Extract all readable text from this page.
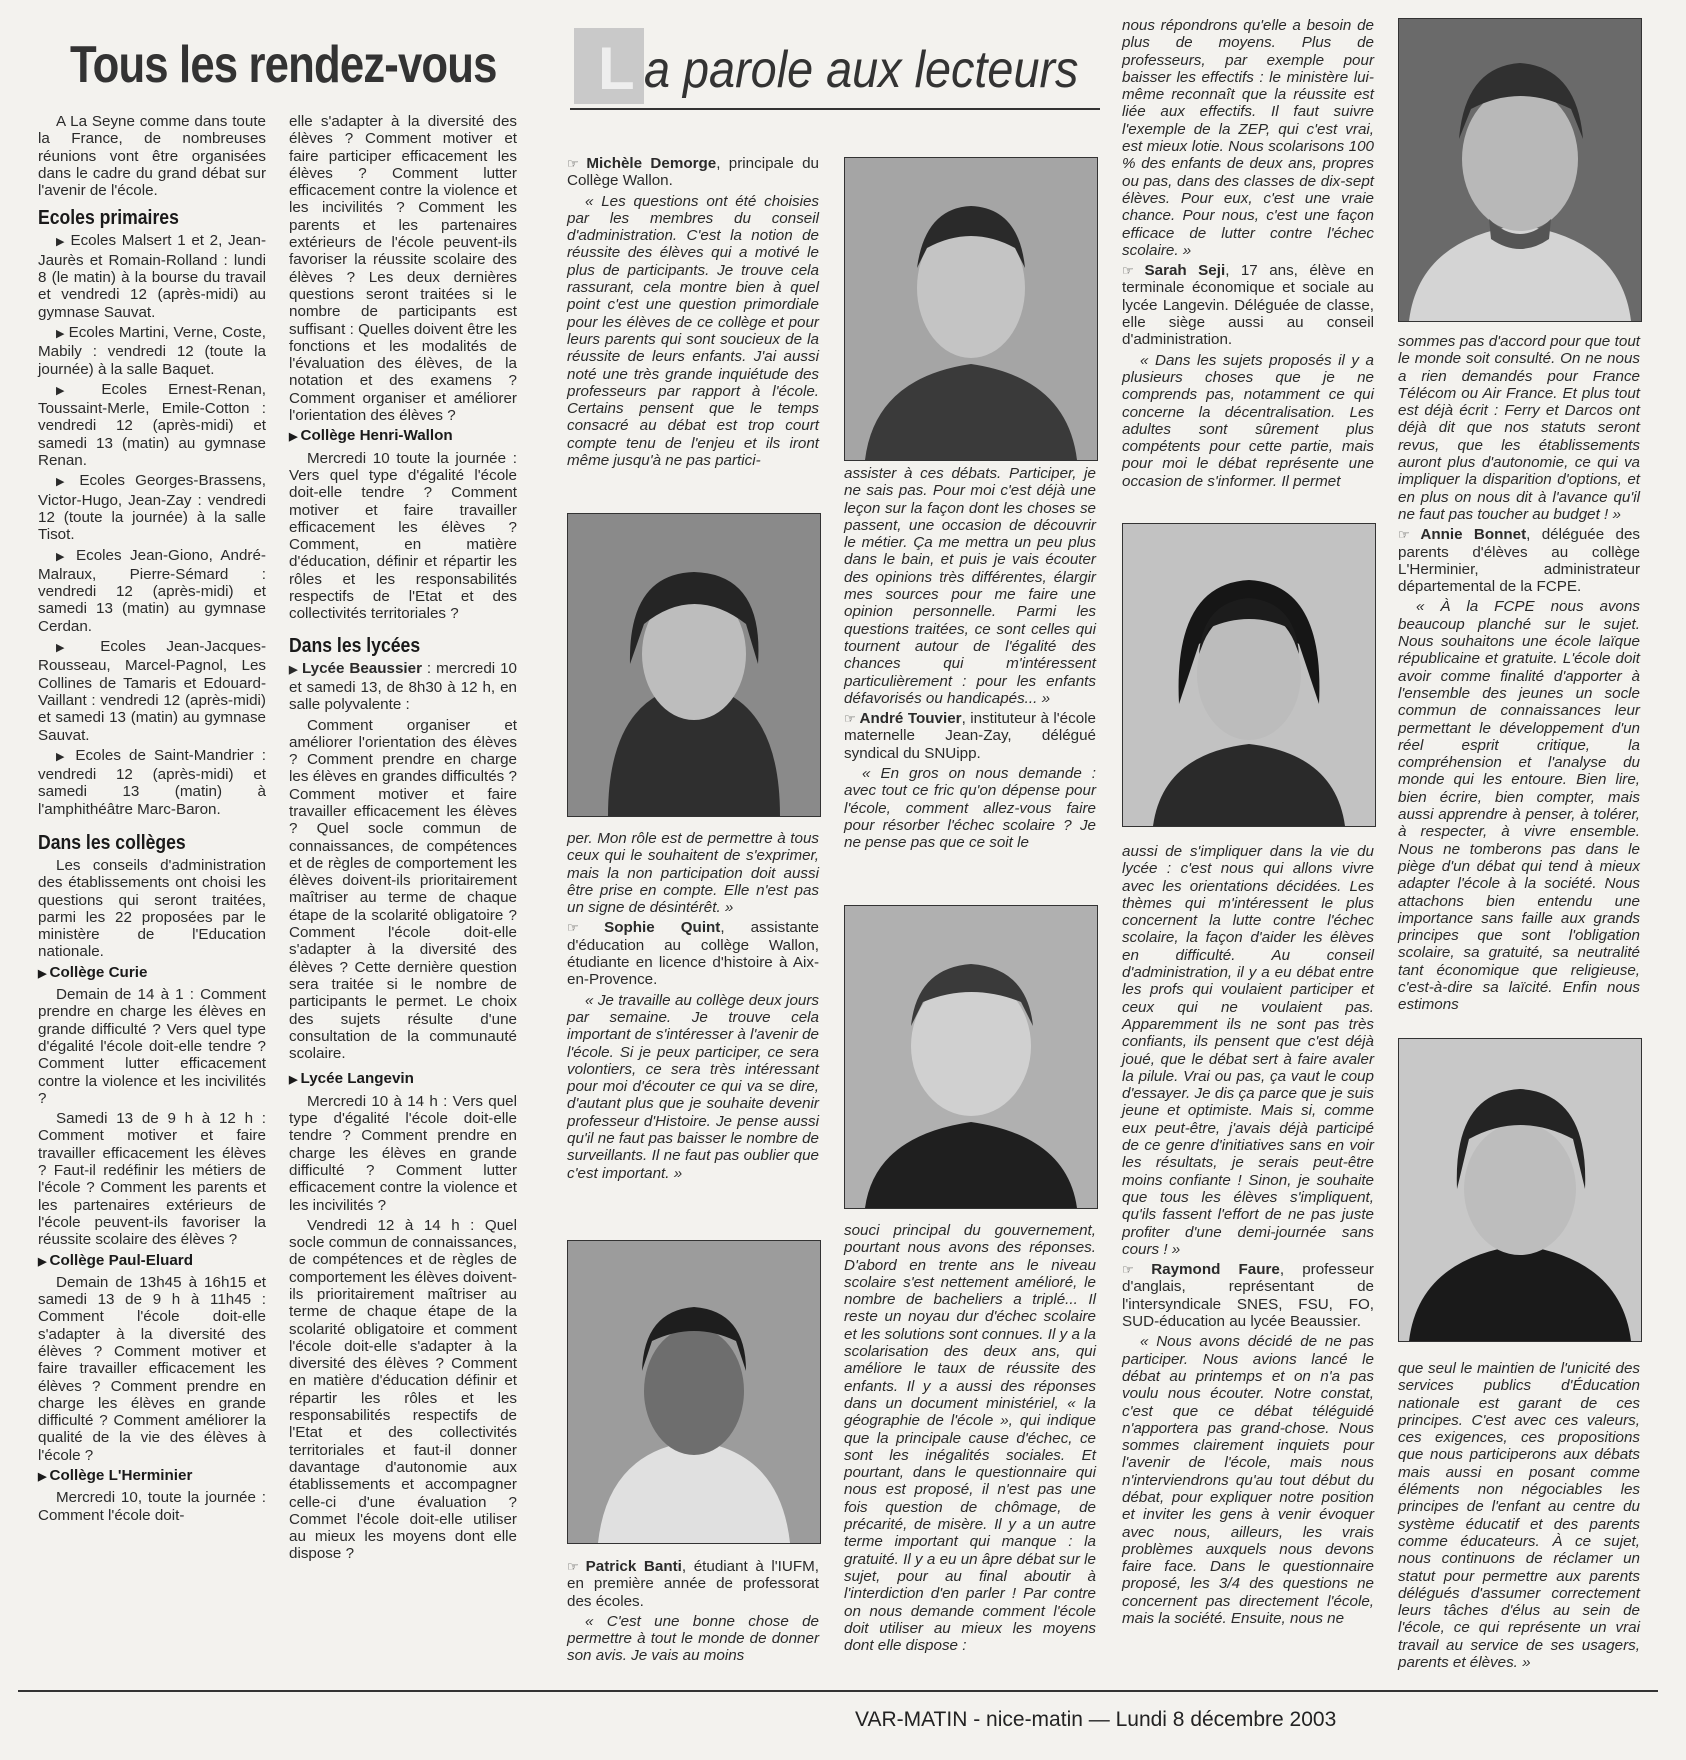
Tous les rendez-vous L a parole aux lecteurs

A La Seyne comme dans toute la France, de nombreuses réunions vont être organisées dans le cadre du grand débat sur l'avenir de l'école.

Ecoles primaires

▶ Ecoles Malsert 1 et 2, Jean-Jaurès et Romain-Rolland : lundi 8 (le matin) à la bourse du travail et vendredi 12 (après-midi) au gymnase Sauvat.

▶ Ecoles Martini, Verne, Coste, Mabily : vendredi 12 (toute la journée) à la salle Baquet.

▶ Ecoles Ernest-Renan, Toussaint-Merle, Emile-Cotton : vendredi 12 (après-midi) et samedi 13 (matin) au gymnase Renan.

▶ Ecoles Georges-Brassens, Victor-Hugo, Jean-Zay : vendredi 12 (toute la journée) à la salle Tisot.

▶ Ecoles Jean-Giono, André-Malraux, Pierre-Sémard : vendredi 12 (après-midi) et samedi 13 (matin) au gymnase Cerdan.

▶ Ecoles Jean-Jacques-Rousseau, Marcel-Pagnol, Les Collines de Tamaris et Edouard-Vaillant : vendredi 12 (après-midi) et samedi 13 (matin) au gymnase Sauvat.

▶ Ecoles de Saint-Mandrier : vendredi 12 (après-midi) et samedi 13 (matin) à l'amphithéâtre Marc-Baron.

Dans les collèges

Les conseils d'administration des établissements ont choisi les questions qui seront traitées, parmi les 22 proposées par le ministère de l'Education nationale.

▶ Collège Curie

Demain de 14 à 1 : Comment prendre en charge les élèves en grande difficulté ? Vers quel type d'égalité l'école doit-elle tendre ? Comment lutter efficacement contre la violence et les incivilités ?

Samedi 13 de 9 h à 12 h : Comment motiver et faire travailler efficacement les élèves ? Faut-il redéfinir les métiers de l'école ? Comment les parents et les partenaires extérieurs de l'école peuvent-ils favoriser la réussite scolaire des élèves ?

▶ Collège Paul-Eluard

Demain de 13h45 à 16h15 et samedi 13 de 9 h à 11h45 : Comment l'école doit-elle s'adapter à la diversité des élèves ? Comment motiver et faire travailler efficacement les élèves ? Comment prendre en charge les élèves en grande difficulté ? Comment améliorer la qualité de la vie des élèves à l'école ?

▶ Collège L'Herminier

Mercredi 10, toute la journée : Comment l'école doit-

elle s'adapter à la diversité des élèves ? Comment motiver et faire participer efficacement les élèves ? Comment lutter efficacement contre la violence et les incivilités ? Comment les parents et les partenaires extérieurs de l'école peuvent-ils favoriser la réussite scolaire des élèves ? Les deux dernières questions seront traitées si le nombre de participants est suffisant : Quelles doivent être les fonctions et les modalités de l'évaluation des élèves, de la notation et des examens ? Comment organiser et améliorer l'orientation des élèves ?

▶ Collège Henri-Wallon

Mercredi 10 toute la journée : Vers quel type d'égalité l'école doit-elle tendre ? Comment motiver et faire travailler efficacement les élèves ? Comment, en matière d'éducation, définir et répartir les rôles et les responsabilités respectifs de l'Etat et des collectivités territoriales ?

Dans les lycées

▶ Lycée Beaussier : mercredi 10 et samedi 13, de 8h30 à 12 h, en salle polyvalente :

Comment organiser et améliorer l'orientation des élèves ? Comment prendre en charge les élèves en grandes difficultés ? Comment motiver et faire travailler efficacement les élèves ? Quel socle commun de connaissances, de compétences et de règles de comportement les élèves doivent-ils prioritairement maîtriser au terme de chaque étape de la scolarité obligatoire ? Comment l'école doit-elle s'adapter à la diversité des élèves ? Cette dernière question sera traitée si le nombre de participants le permet. Le choix des sujets résulte d'une consultation de la communauté scolaire.

▶ Lycée Langevin

Mercredi 10 à 14 h : Vers quel type d'égalité l'école doit-elle tendre ? Comment prendre en charge les élèves en grande difficulté ? Comment lutter efficacement contre la violence et les incivilités ?

Vendredi 12 à 14 h : Quel socle commun de connaissances, de compétences et de règles de comportement les élèves doivent-ils prioritairement maîtriser au terme de chaque étape de la scolarité obligatoire et comment l'école doit-elle s'adapter à la diversité des élèves ? Comment en matière d'éducation définir et répartir les rôles et les responsabilités respectifs de l'Etat et des collectivités territoriales et faut-il donner davantage d'autonomie aux établissements et accompagner celle-ci d'une évaluation ? Commet l'école doit-elle utiliser au mieux les moyens dont elle dispose ?

☞ Michèle Demorge, principale du Collège Wallon.

« Les questions ont été choisies par les membres du conseil d'administration. C'est la notion de réussite des élèves qui a motivé le plus de participants. Je trouve cela rassurant, cela montre bien à quel point c'est une question primordiale pour les élèves de ce collège et pour leurs parents qui sont soucieux de la réussite de leurs enfants. J'ai aussi noté une très grande inquiétude des professeurs par rapport à l'école. Certains pensent que le temps consacré au débat est trop court compte tenu de l'enjeu et ils iront même jusqu'à ne pas partici-

per. Mon rôle est de permettre à tous ceux qui le souhaitent de s'exprimer, mais la non participation doit aussi être prise en compte. Elle n'est pas un signe de désintérêt. »

☞ Sophie Quint, assistante d'éducation au collège Wallon, étudiante en licence d'histoire à Aix-en-Provence.

« Je travaille au collège deux jours par semaine. Je trouve cela important de s'intéresser à l'avenir de l'école. Si je peux participer, ce sera volontiers, ce sera très intéressant pour moi d'écouter ce qui va se dire, d'autant plus que je souhaite devenir professeur d'Histoire. Je pense aussi qu'il ne faut pas baisser le nombre de surveillants. Il ne faut pas oublier que c'est important. »

☞ Patrick Banti, étudiant à l'IUFM, en première année de professorat des écoles.

« C'est une bonne chose de permettre à tout le monde de donner son avis. Je vais au moins

assister à ces débats. Participer, je ne sais pas. Pour moi c'est déjà une leçon sur la façon dont les choses se passent, une occasion de découvrir le métier. Ça me mettra un peu plus dans le bain, et puis je vais écouter des opinions très différentes, élargir mes sources pour me faire une opinion personnelle. Parmi les questions traitées, ce sont celles qui tournent autour de l'égalité des chances qui m'intéressent particulièrement : pour les enfants défavorisés ou handicapés... »

☞ André Touvier, instituteur à l'école maternelle Jean-Zay, délégué syndical du SNUipp.

« En gros on nous demande : avec tout ce fric qu'on dépense pour l'école, comment allez-vous faire pour résorber l'échec scolaire ? Je ne pense pas que ce soit le

souci principal du gouvernement, pourtant nous avons des réponses. D'abord en trente ans le niveau scolaire s'est nettement amélioré, le nombre de bacheliers a triplé... Il reste un noyau dur d'échec scolaire et les solutions sont connues. Il y a la scolarisation des deux ans, qui améliore le taux de réussite des enfants. Il y a aussi des réponses dans un document ministériel, « la géographie de l'école », qui indique que la principale cause d'échec, ce sont les inégalités sociales. Et pourtant, dans le questionnaire qui nous est proposé, il n'est pas une fois question de chômage, de précarité, de misère. Il y a un autre terme important qui manque : la gratuité. Il y a eu un âpre débat sur le sujet, pour au final aboutir à l'interdiction d'en parler ! Par contre on nous demande comment l'école doit utiliser au mieux les moyens dont elle dispose :

nous répondrons qu'elle a besoin de plus de moyens. Plus de professeurs, par exemple pour baisser les effectifs : le ministère lui-même reconnaît que la réussite est liée aux effectifs. Il faut suivre l'exemple de la ZEP, qui c'est vrai, est mieux lotie. Nous scolarisons 100 % des enfants de deux ans, propres ou pas, dans des classes de dix-sept élèves. Pour eux, c'est une vraie chance. Pour nous, c'est une façon efficace de lutter contre l'échec scolaire. »

☞ Sarah Seji, 17 ans, élève en terminale économique et sociale au lycée Langevin. Déléguée de classe, elle siège aussi au conseil d'administration.

« Dans les sujets proposés il y a plusieurs choses que je ne comprends pas, notamment ce qui concerne la décentralisation. Les adultes sont sûrement plus compétents pour cette partie, mais pour moi le débat représente une occasion de s'informer. Il permet

aussi de s'impliquer dans la vie du lycée : c'est nous qui allons vivre avec les orientations décidées. Les thèmes qui m'intéressent le plus concernent la lutte contre l'échec scolaire, la façon d'aider les élèves en difficulté. Au conseil d'administration, il y a eu débat entre les profs qui voulaient participer et ceux qui ne voulaient pas. Apparemment ils ne sont pas très confiants, ils pensent que c'est déjà joué, que le débat sert à faire avaler la pilule. Vrai ou pas, ça vaut le coup d'essayer. Je dis ça parce que je suis jeune et optimiste. Mais si, comme eux peut-être, j'avais déjà participé de ce genre d'initiatives sans en voir les résultats, je serais peut-être moins confiante ! Sinon, je souhaite que tous les élèves s'impliquent, qu'ils fassent l'effort de ne pas juste profiter d'une demi-journée sans cours ! »

☞ Raymond Faure, professeur d'anglais, représentant de l'intersyndicale SNES, FSU, FO, SUD-éducation au lycée Beaussier.

« Nous avons décidé de ne pas participer. Nous avions lancé le débat au printemps et on n'a pas voulu nous écouter. Notre constat, c'est que ce débat téléguidé n'apportera pas grand-chose. Nous sommes clairement inquiets pour l'avenir de l'école, mais nous n'interviendrons qu'au tout début du débat, pour expliquer notre position et inviter les gens à venir évoquer avec nous, ailleurs, les vrais problèmes auxquels nous devons faire face. Dans le questionnaire proposé, les 3/4 des questions ne concernent pas directement l'école, mais la société. Ensuite, nous ne

sommes pas d'accord pour que tout le monde soit consulté. On ne nous a rien demandés pour France Télécom ou Air France. Et plus tout est déjà écrit : Ferry et Darcos ont déjà dit que nos statuts seront revus, que les établissements auront plus d'autonomie, ce qui va impliquer la disparition d'options, et en plus on nous dit à l'avance qu'il ne faut pas toucher au budget ! »

☞ Annie Bonnet, déléguée des parents d'élèves au collège L'Herminier, administrateur départemental de la FCPE.

« À la FCPE nous avons beaucoup planché sur le sujet. Nous souhaitons une école laïque républicaine et gratuite. L'école doit avoir comme finalité d'apporter à l'ensemble des jeunes un socle commun de connaissances leur permettant le développement d'un réel esprit critique, la compréhension et l'analyse du monde qui les entoure. Bien lire, bien écrire, bien compter, mais aussi apprendre à penser, à tolérer, à respecter, à vivre ensemble. Nous ne tomberons pas dans le piège d'un débat qui tend à mieux adapter l'école à la société. Nous attachons bien entendu une importance sans faille aux grands principes que sont l'obligation scolaire, sa gratuité, sa neutralité tant économique que religieuse, c'est-à-dire sa laïcité. Enfin nous estimons

que seul le maintien de l'unicité des services publics d'Éducation nationale est garant de ces principes. C'est avec ces valeurs, ces exigences, ces propositions que nous participerons aux débats mais aussi en posant comme éléments non négociables les principes de l'enfant au centre du système éducatif et des parents comme éducateurs. À ce sujet, nous continuons de réclamer un statut pour permettre aux parents délégués d'assumer correctement leurs tâches d'élus au sein de l'école, ce qui représente un vrai travail au service de ses usagers, parents et élèves. »

VAR-MATIN - nice-matin — Lundi 8 décembre 2003
